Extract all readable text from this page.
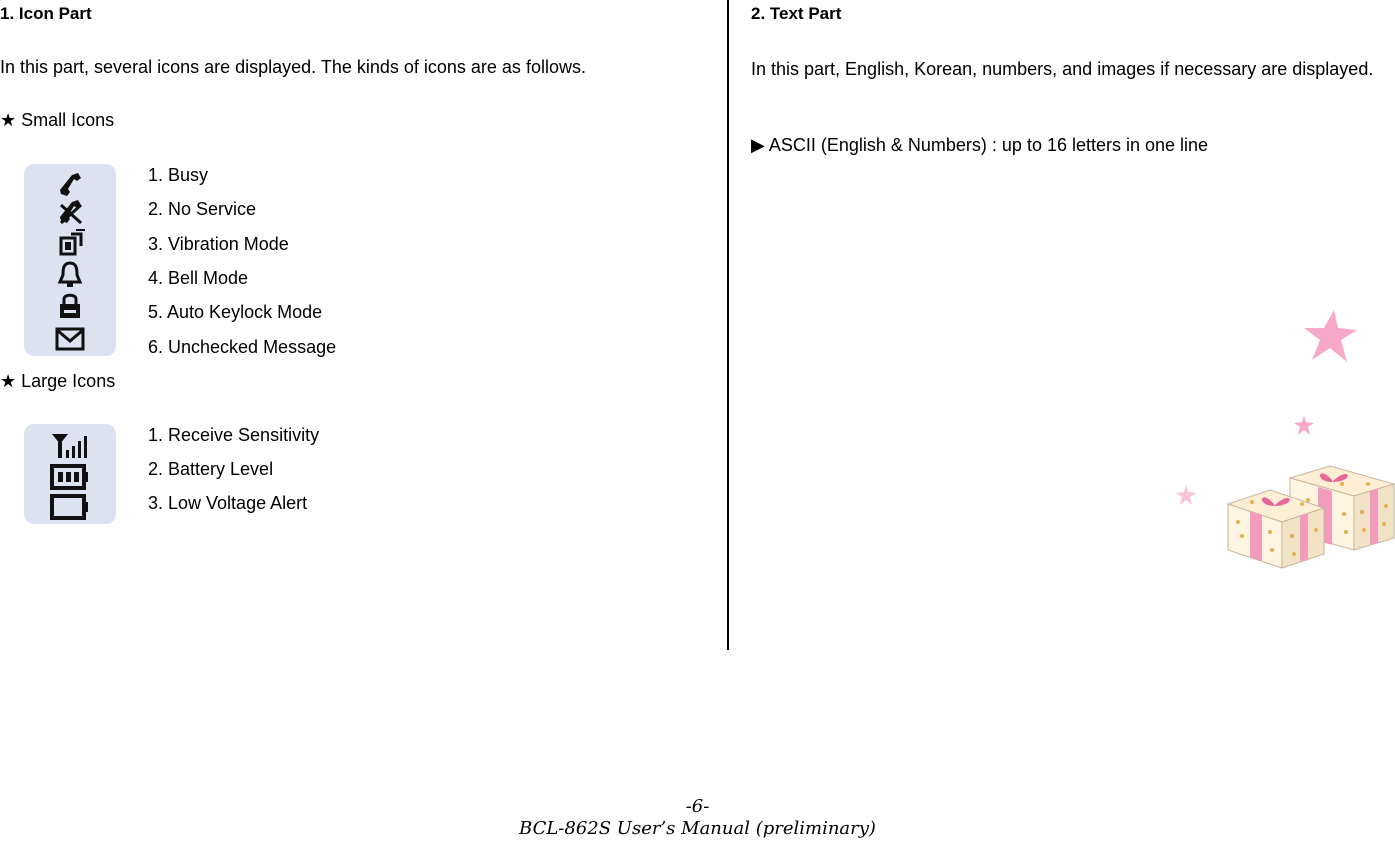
1. Icon Part
In this part, several icons are displayed. The kinds of icons are as follows.
★ Small Icons
1. Busy
2. No Service
3. Vibration Mode
4. Bell Mode
5. Auto Keylock Mode
6. Unchecked Message
★ Large Icons
1. Receive Sensitivity
2. Battery Level
3. Low Voltage Alert
2. Text Part
In this part, English, Korean, numbers, and images if necessary are displayed.
▶ ASCII (English & Numbers) : up to 16 letters in one line
-6-
BCL-862S User’s Manual (preliminary)
